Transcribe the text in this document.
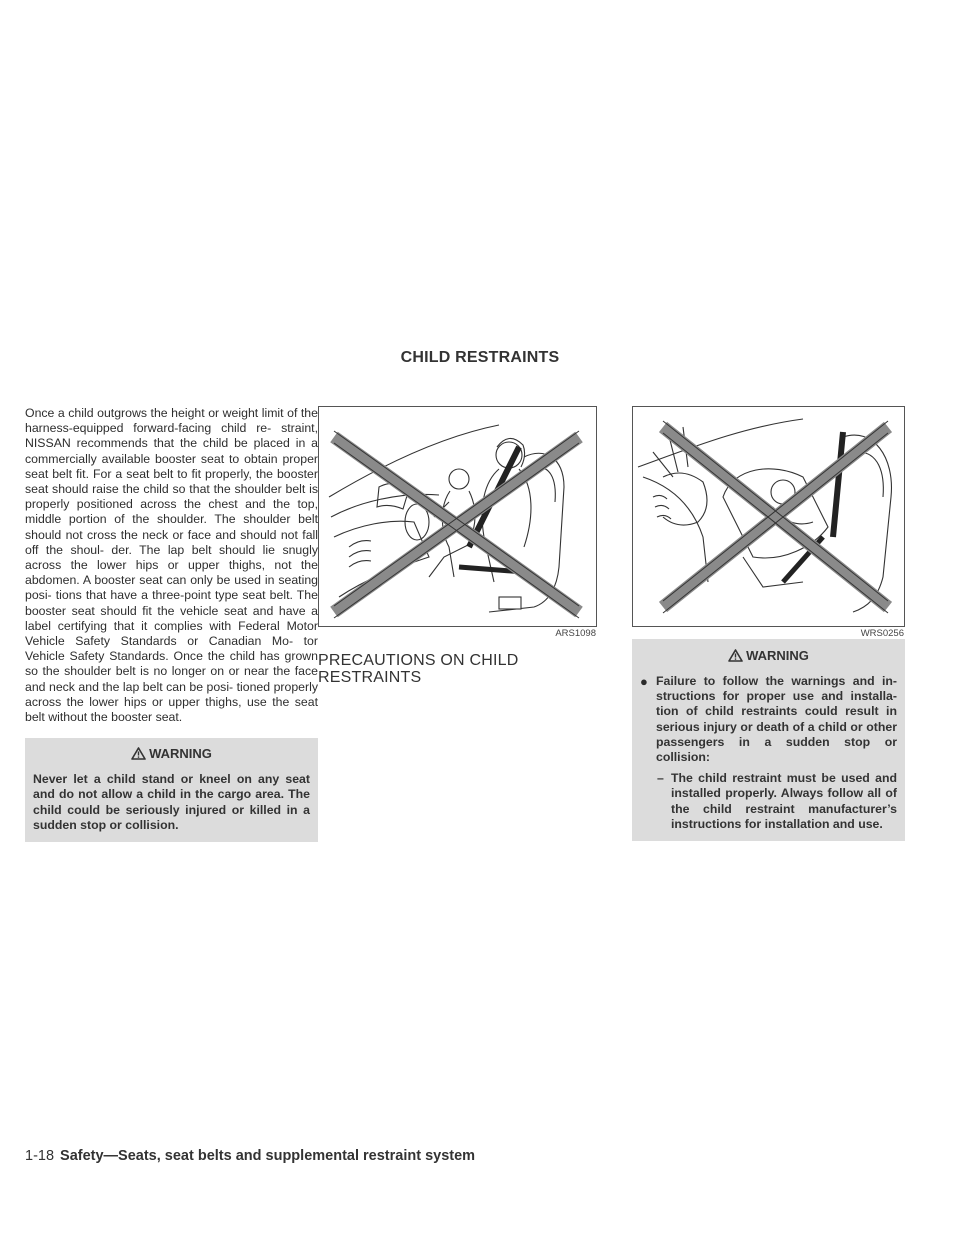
CHILD RESTRAINTS

Once a child outgrows the height or weight limit of the harness-equipped forward-facing child re- straint, NISSAN recommends that the child be placed in a commercially available booster seat to obtain proper seat belt fit. For a seat belt to fit properly, the booster seat should raise the child so that the shoulder belt is properly positioned across the chest and the top, middle portion of the shoulder. The shoulder belt should not cross the neck or face and should not fall off the shoul- der. The lap belt should lie snugly across the lower hips or upper thighs, not the abdomen. A booster seat can only be used in seating posi- tions that have a three-point type seat belt. The booster seat should fit the vehicle seat and have a label certifying that it complies with Federal Motor Vehicle Safety Standards or Canadian Mo- tor Vehicle Safety Standards. Once the child has grown so the shoulder belt is no longer on or near the face and neck and the lap belt can be posi- tioned properly across the lower hips or upper thighs, use the seat belt without the booster seat.

WARNING

Never let a child stand or kneel on any seat and do not allow a child in the cargo area. The child could be seriously injured or killed in a sudden stop or collision.

ARS1098
PRECAUTIONS ON CHILD RESTRAINTS
WRS0256
WARNING
● Failure to follow the warnings and in- structions for proper use and installa- tion of child restraints could result in serious injury or death of a child or other passengers in a sudden stop or collision:

– The child restraint must be used and installed properly. Always follow all of the child restraint manufacturer’s instructions for installation and use.

1-18 Safety—Seats, seat belts and supplemental restraint system
